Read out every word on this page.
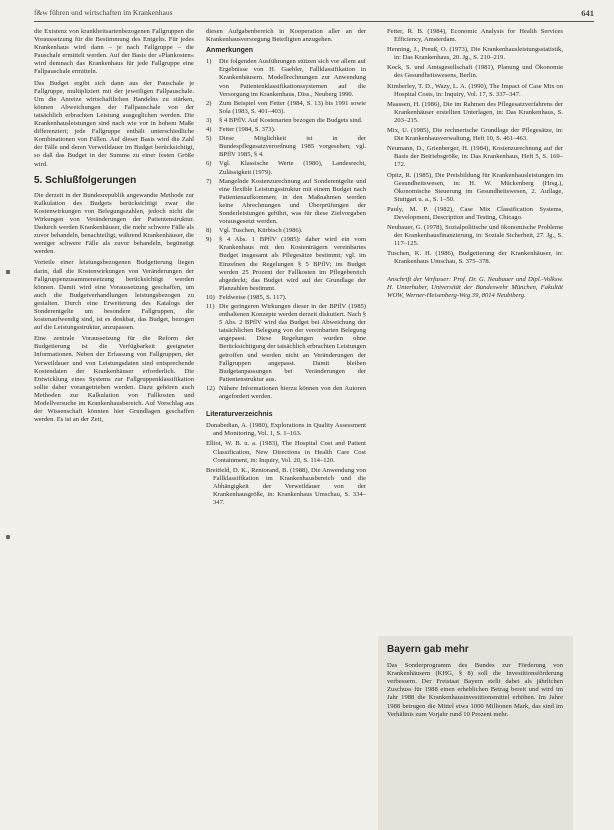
f&w führen und wirtschaften im Krankenhaus	641

die Existenz von krankheitsartenbezogenen Fallgruppen die Voraussetzung für die Bestimmung des Entgelts. Für jedes Krankenhaus wird dann – je nach Fallgruppe – die Pauschale ermittelt werden. Auf der Basis der »Plankosten« wird demnach das Krankenhaus für jede Fallgruppe eine Fallpauschale ermitteln.

Das Budget ergibt sich dann aus der Pauschale je Fallgruppe, multipliziert mit der jeweiligen Fallpauschale. Um die Anreize wirtschaftlichen Handelns zu stärken, können Abweichungen der Fallpauschale von der tatsächlich erbrachten Leistung ausgeglichen werden. Die Krankenhausleistungen sind nach wie vor in hohem Maße differenziert; jede Fallgruppe enthält unterschiedliche Kombinationen von Fällen. Auf dieser Basis wird die Zahl der Fälle und deren Verweildauer im Budget berücksichtigt, so daß das Budget in der Summe zu einer festen Größe wird.

5. Schlußfolgerungen

Die derzeit in der Bundesrepublik angewandte Methode zur Kalkulation des Budgets berücksichtigt zwar die Kostenwirkungen von Belegungszahlen, jedoch nicht die Wirkungen von Veränderungen der Patientenstruktur. Dadurch werden Krankenhäuser, die mehr schwere Fälle als zuvor behandeln, benachteiligt, während Krankenhäuser, die weniger schwere Fälle als zuvor behandeln, begünstigt werden.

Vorteile einer leistungsbezogenen Budgetierung liegen darin, daß die Kostenwirkungen von Veränderungen der Fallgruppenzusammensetzung berücksichtigt werden können. Damit wird eine Voraussetzung geschaffen, um auch die Budgetverhandlungen leistungsbezogen zu gestalten. Durch eine Erweiterung des Katalogs der Sonderentgelte um besondere Fallgruppen, die kostenaufwendig sind, ist es denkbar, das Budget, bezogen auf die Leistungsstruktur, anzupassen.

Eine zentrale Voraussetzung für die Reform der Budgetierung ist die Verfügbarkeit geeigneter Informationen. Neben der Erfassung von Fallgruppen, der Verweildauer und von Leistungsdaten sind entsprechende Kostendaten der Krankenhäuser erforderlich. Die Entwicklung eines Systems zur Fallgruppenklassifikation sollte daher vorangetrieben werden. Dazu gehören auch Methoden zur Kalkulation von Fallkosten und Modellversuche im Krankenhausbereich. Auf Vorschlag aus der Wissenschaft könnten hier Grundlagen geschaffen werden. Es ist an der Zeit,

diesen Aufgabenbereich in Kooperation aller an der Krankenhausversorgung Beteiligten anzugehen.

Anmerkungen
1)	Die folgenden Ausführungen stützen sich vor allem auf Ergebnisse von H. Gaebler, Fallklassifikation in Krankenhäusern. Modellrechnungen zur Anwendung von Patientenklassifikationssystemen auf die Versorgung im Krankenhaus, Diss., Neuberg 1990.
2)	Zum Beispiel von Fetter (1984, S. 13) bis 1991 sowie Sola (1983, S. 401–403).
3)	§ 4 BPflV. Auf Kostenarten bezogen die Budgets sind.
4)	Fetter (1984, S. 373).
5)	Diese Möglichkeit ist in der Bundespflegesatzverordnung 1985 vorgesehen; vgl. BPflV 1985, § 4.
6)	Vgl. Klassische Werte (1980), Landesrecht, Zulässigkeit (1979).
7)	Mangelnde Kostenzurechnung auf Sonderentgelte und eine flexible Leistungsstruktur mit einem Budget nach Patientenaufkommen; in den Maßnahmen werden keine Abrechnungen und Überprüfungen der Sonderleistungen geführt, was für diese Zielvorgaben vorausgesetzt werden.
8)	Vgl. Tuschen, Kürbisch (1986).
9)	§ 4 Abs. 1 BPflV (1985): daher wird ein vom Krankenhaus mit den Kostenträgern vereinbartes Budget insgesamt als Pflegesätze bestimmt; vgl. im Einzelnen die Regelungen § 5 BPflV; im Budget werden 25 Prozent der Fallkosten im Pflegebereich abgedeckt; das Budget wird auf der Grundlage der Planzahlen bestimmt.
10) Feldweise (1985, S. 117).
11) Die geringeren Wirkungen dieser in der BPflV (1985) enthaltenen Konzepte werden derzeit diskutiert. Nach § 5 Abs. 2 BPflV wird das Budget bei Abweichung der tatsächlichen Belegung von der vereinbarten Belegung angepasst. Diese Regelungen wurden ohne Berücksichtigung der tatsächlich erbrachten Leistungen getroffen und werden nicht an Veränderungen der Fallgruppen angepasst. Damit bleiben Budgetanpassungen bei Veränderungen der Patientenstruktur aus.
12) Nähere Informationen hierzu können von den Autoren angefordert werden.
Literaturverzeichnis
Donabedian, A. (1980), Explorations in Quality Assessment and Monitoring, Vol. 1, S. 1–163.
Elliot, W. B. u. a. (1983), The Hospital Cost and Patient Classification, New Directions in Health Care Cost Containment, in: Inquiry, Vol. 20, S. 114–120.
Breitfeld, D. K., Rentorand, B. (1988), Die Anwendung von Fallklassifikation im Krankenhausbereich und die Abhängigkeit der Verweildauer von der Krankenhausgröße, in: Krankenhaus Umschau, S. 334–347.
Fetter, R. B. (1984), Economic Analysis for Health Services Efficiency, Amsterdam.
Henning, J., Preuß, O. (1973), Die Krankenhausleistungsstatistik, in: Das Krankenhaus, 20. Jg., S. 210–219.
Kock, S. und Amtsgesellschaft (1981), Planung und Ökonomie des Gesundheitswesens, Berlin.
Kimberley, T. D., Wazy, L. A. (1990), The Impact of Case Mix on Hospital Costs, in: Inquiry, Vol. 17, S. 337–347.
Maassen, H. (1986), Die im Rahmen des Pflegesatzverfahrens der Krankenhäuser erstellten Unterlagen, in: Das Krankenhaus, S. 203–215.
Mix, U. (1985), Die rechnerische Grundlage der Pflegesätze, in: Die Krankenhausverwaltung, Heft 10, S. 461–463.
Neumann, D., Grienberger, H. (1984), Kostenzurechnung auf der Basis der Betriebsgröße, in: Das Krankenhaus, Heft 5, S. 169–172.
Opitz, R. (1985), Die Preisbildung für Krankenhausleistungen im Gesundheitswesen, in: H. W. Mückenberg (Hrsg.), Ökonomische Steuerung im Gesundheitswesen, 2. Auflage, Stuttgart u. a., S. 1–50.
Pauly, M. P. (1982), Case Mix Classification Systems, Development, Description and Testing, Chicago.
Neubauer, G. (1978), Sozialpolitische und ökonomische Probleme der Krankenhausfinanzierung, in: Soziale Sicherheit, 27. Jg., S. 117–125.
Tuschen, K. H. (1986), Budgetierung der Krankenhäuser, in: Krankenhaus Umschau, S. 375–378.
Anschrift der Verfasser: Prof. Dr. G. Neubauer und Dipl.-Volksw. H. Unterhuber, Universität der Bundeswehr München, Fakultät WOW, Werner-Heisenberg-Weg 39, 8014 Neubiberg.
Bayern gab mehr

Das Sonderprogramm des Bundes zur Förderung von Krankenhäusern (KHG, § 8) soll die Investitionsförderung verbessern. Der Freistaat Bayern stellt dabei als jährlichen Zuschuss für 1988 einen erheblichen Betrag bereit und wird im Jahr 1988 die Krankenhausinvestitionsmittel erhöhen. Im Jahre 1988 betrugen die Mittel etwa 1000 Millionen Mark, das sind im Verhältnis zum Vorjahr rund 10 Prozent mehr.
